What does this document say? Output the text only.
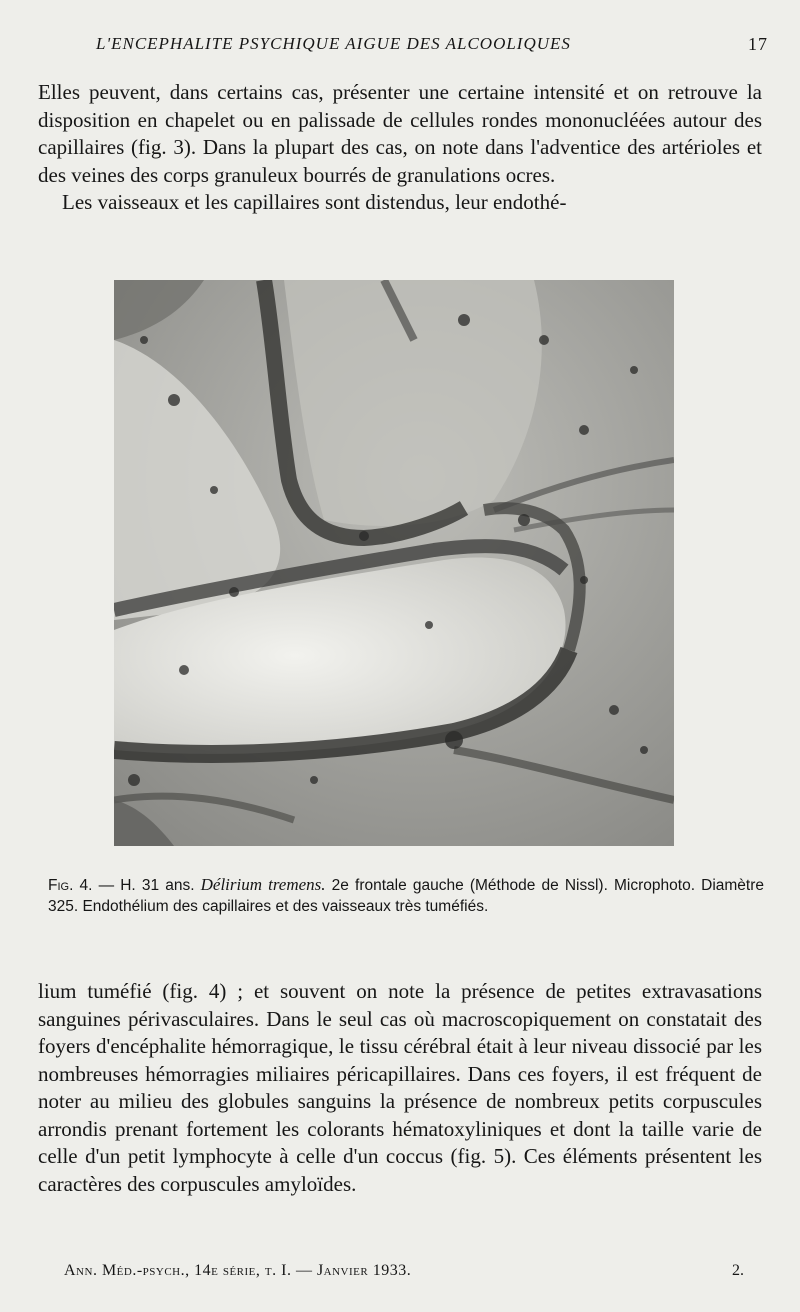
L'ENCEPHALITE PSYCHIQUE AIGUE DES ALCOOLIQUES	17

Elles peuvent, dans certains cas, présenter une certaine intensité et on retrouve la disposition en chapelet ou en palissade de cellules rondes mononucléées autour des capillaires (fig. 3). Dans la plupart des cas, on note dans l'adventice des artérioles et des veines des corps granuleux bourrés de granulations ocres.

Les vaisseaux et les capillaires sont distendus, leur endothé-

Fig. 4. — H. 31 ans. Délirium tremens. 2e frontale gauche (Méthode de Nissl). Microphoto. Diamètre 325. Endothélium des capillaires et des vaisseaux très tuméfiés.

lium tuméfié (fig. 4) ; et souvent on note la présence de petites extravasations sanguines périvasculaires. Dans le seul cas où macroscopiquement on constatait des foyers d'encéphalite hémorragique, le tissu cérébral était à leur niveau dissocié par les nombreuses hémorragies miliaires péricapillaires. Dans ces foyers, il est fréquent de noter au milieu des globules sanguins la présence de nombreux petits corpuscules arrondis prenant fortement les colorants hématoxyliniques et dont la taille varie de celle d'un petit lymphocyte à celle d'un coccus (fig. 5). Ces éléments présentent les caractères des corpuscules amyloïdes.

Ann. Méd.-psych., 14e série, t. I. — Janvier 1933.	2.
